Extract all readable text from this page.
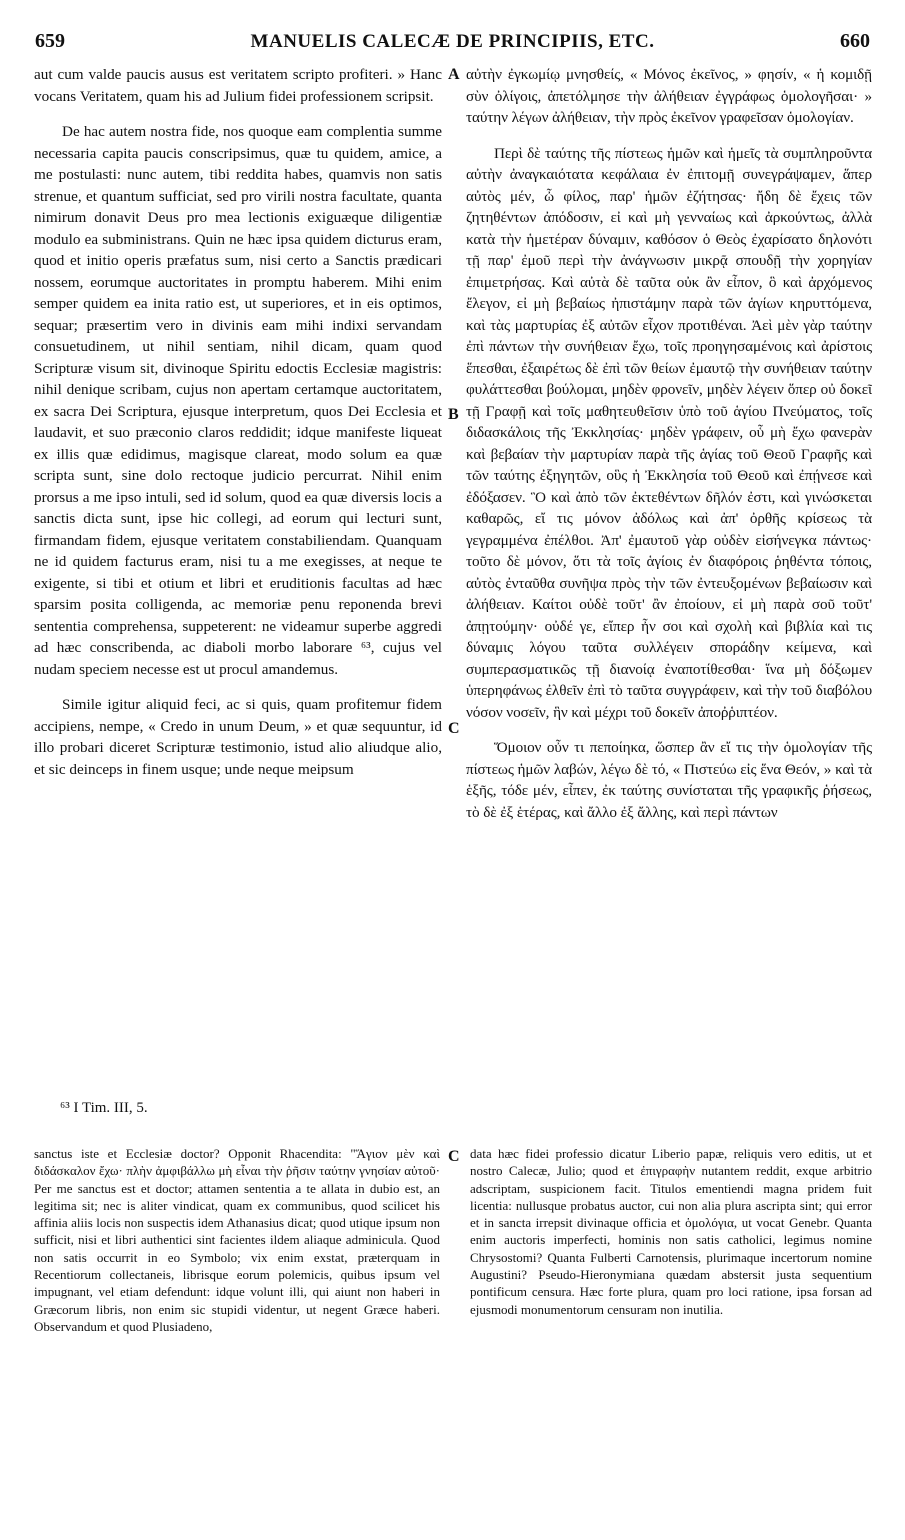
659	MANUELIS CALECÆ DE PRINCIPIIS, ETC.	660

aut cum valde paucis ausus est veritatem scripto profiteri. » Hanc vocans Veritatem, quam his ad Julium fidei professionem scripsit.

De hac autem nostra fide, nos quoque eam complentia summe necessaria capita paucis conscripsimus, quæ tu quidem, amice, a me postulasti: nunc autem, tibi reddita habes, quamvis non satis strenue, et quantum sufficiat, sed pro virili nostra facultate, quanta nimirum donavit Deus pro mea lectionis exiguæque diligentiæ modulo ea subministrans. Quin ne hæc ipsa quidem dicturus eram, quod et initio operis præfatus sum, nisi certo a Sanctis prædicari nossem, eorumque auctoritates in promptu haberem. Mihi enim semper quidem ea inita ratio est, ut superiores, et in eis optimos, sequar; præsertim vero in divinis eam mihi indixi servandam consuetudinem, ut nihil sentiam, nihil dicam, quam quod Scripturæ visum sit, divinoque Spiritu edoctis Ecclesiæ magistris: nihil denique scribam, cujus non apertam certamque auctoritatem, ex sacra Dei Scriptura, ejusque interpretum, quos Dei Ecclesia et laudavit, et suo præconio claros reddidit; idque manifeste liqueat ex illis quæ edidimus, magisque clareat, modo solum ea quæ scripta sunt, sine dolo rectoque judicio percurrat. Nihil enim prorsus a me ipso intuli, sed id solum, quod ea quæ diversis locis a sanctis dicta sunt, ipse hic collegi, ad eorum qui lecturi sunt, firmandam fidem, ejusque veritatem constabiliendam. Quanquam ne id quidem facturus eram, nisi tu a me exegisses, at neque te exigente, si tibi et otium et libri et eruditionis facultas ad hæc sparsim posita colligenda, ac memoriæ penu reponenda brevi sententia comprehensa, suppeterent: ne videamur superbe aggredi ad hæc conscribenda, ac diaboli morbo laborare ⁶³, cujus vel nudam speciem necesse est ut procul amandemus.

Simile igitur aliquid feci, ac si quis, quam profitemur fidem accipiens, nempe, « Credo in unum Deum, » et quæ sequuntur, id illo probari diceret Scripturæ testimonio, istud alio aliudque alio, et sic deinceps in finem usque; unde neque meipsum

A
B
C

αὐτὴν ἐγκωμίῳ μνησθείς, « Μόνος ἐκεῖνος, » φησίν, « ἡ κομιδῇ σὺν ὀλίγοις, ἀπετόλμησε τὴν ἀλήθειαν ἐγγράφως ὁμολογῆσαι· » ταύτην λέγων ἀλήθειαν, τὴν πρὸς ἐκεῖνον γραφεῖσαν ὁμολογίαν.

Περὶ δὲ ταύτης τῆς πίστεως ἡμῶν καὶ ἡμεῖς τὰ συμπληροῦντα αὐτὴν ἀναγκαιότατα κεφάλαια ἐν ἐπιτομῇ συνεγράψαμεν, ἅπερ αὐτὸς μέν, ὦ φίλος, παρ' ἡμῶν ἐζήτησας· ἤδη δὲ ἔχεις τῶν ζητηθέντων ἀπόδοσιν, εἰ καὶ μὴ γενναίως καὶ ἀρκούντως, ἀλλὰ κατὰ τὴν ἡμετέραν δύναμιν, καθόσον ὁ Θεὸς ἐχαρίσατο δηλονότι τῇ παρ' ἐμοῦ περὶ τὴν ἀνάγνωσιν μικρᾷ σπουδῇ τὴν χορηγίαν ἐπιμετρήσας. Καὶ αὐτὰ δὲ ταῦτα οὐκ ἂν εἶπον, ὃ καὶ ἀρχόμενος ἔλεγον, εἰ μὴ βεβαίως ἠπιστάμην παρὰ τῶν ἁγίων κηρυττόμενα, καὶ τὰς μαρτυρίας ἐξ αὐτῶν εἶχον προτιθέναι. Ἀεὶ μὲν γὰρ ταύτην ἐπὶ πάντων τὴν συνήθειαν ἔχω, τοῖς προηγησαμένοις καὶ ἀρίστοις ἕπεσθαι, ἐξαιρέτως δὲ ἐπὶ τῶν θείων ἐμαυτῷ τὴν συνήθειαν ταύτην φυλάττεσθαι βούλομαι, μηδὲν φρονεῖν, μηδὲν λέγειν ὅπερ οὐ δοκεῖ τῇ Γραφῇ καὶ τοῖς μαθητευθεῖσιν ὑπὸ τοῦ ἁγίου Πνεύματος, τοῖς διδασκάλοις τῆς Ἐκκλησίας· μηδὲν γράφειν, οὗ μὴ ἔχω φανερὰν καὶ βεβαίαν τὴν μαρτυρίαν παρὰ τῆς ἁγίας τοῦ Θεοῦ Γραφῆς καὶ τῶν ταύτης ἐξηγητῶν, οὓς ἡ Ἐκκλησία τοῦ Θεοῦ καὶ ἐπῄνεσε καὶ ἐδόξασεν. Ὃ καὶ ἀπὸ τῶν ἐκτεθέντων δῆλόν ἐστι, καὶ γινώσκεται καθαρῶς, εἴ τις μόνον ἀδόλως καὶ ἀπ' ὀρθῆς κρίσεως τὰ γεγραμμένα ἐπέλθοι. Ἀπ' ἐμαυτοῦ γὰρ οὐδὲν εἰσήνεγκα πάντως· τοῦτο δὲ μόνον, ὅτι τὰ τοῖς ἁγίοις ἐν διαφόροις ῥηθέντα τόποις, αὐτὸς ἐνταῦθα συνῆψα πρὸς τὴν τῶν ἐντευξομένων βεβαίωσιν καὶ ἀλήθειαν. Καίτοι οὐδὲ τοῦτ' ἂν ἐποίουν, εἰ μὴ παρὰ σοῦ τοῦτ' ἀπῃτούμην· οὐδέ γε, εἴπερ ἦν σοι καὶ σχολὴ καὶ βιβλία καὶ τις δύναμις λόγου ταῦτα συλλέγειν σποράδην κείμενα, καὶ συμπερασματικῶς τῇ διανοίᾳ ἐναποτίθεσθαι· ἵνα μὴ δόξωμεν ὑπερηφάνως ἐλθεῖν ἐπὶ τὸ ταῦτα συγγράφειν, καὶ τὴν τοῦ διαβόλου νόσον νοσεῖν, ἣν καὶ μέχρι τοῦ δοκεῖν ἀποῤῥιπτέον.

Ὅμοιον οὖν τι πεποίηκα, ὥσπερ ἂν εἴ τις τὴν ὁμολογίαν τῆς πίστεως ἡμῶν λαβών, λέγω δὲ τό, « Πιστεύω εἰς ἕνα Θεόν, » καὶ τὰ ἑξῆς, τόδε μέν, εἶπεν, ἐκ ταύτης συνίσταται τῆς γραφικῆς ῥήσεως, τὸ δὲ ἐξ ἑτέρας, καὶ ἄλλο ἐξ ἄλλης, καὶ περὶ πάντων

⁶³ I Tim. III, 5.

sanctus iste et Ecclesiæ doctor? Opponit Rhacendita: "Ἅγιον μὲν καὶ διδάσκαλον ἔχω· πλὴν ἀμφιβάλλω μὴ εἶναι τὴν ῥῆσιν ταύτην γνησίαν αὐτοῦ· Per me sanctus est et doctor; attamen sententia a te allata in dubio est, an legitima sit; nec is aliter vindicat, quam ex communibus, quod scilicet his affinia aliis locis non suspectis idem Athanasius dicat; quod utique ipsum non sufficit, nisi et libri authentici sint facientes ildem aliaque adminicula. Quod non satis occurrit in eo Symbolo; vix enim exstat, præterquam in Recentiorum collectaneis, librisque eorum polemicis, quibus ipsum vel impugnant, vel etiam defendunt: idque volunt illi, qui aiunt non haberi in Græcorum libris, non enim sic stupidi videntur, ut negent Græce haberi. Observandum et quod Plusiadeno,

C data hæc fidei professio dicatur Liberio papæ, reliquis vero editis, ut et nostro Calecæ, Julio; quod et ἐπιγραφὴν nutantem reddit, exque arbitrio adscriptam, suspicionem facit. Titulos ementiendi magna pridem fuit licentia: nullusque probatus auctor, cui non alia plura ascripta sint; qui error et in sancta irrepsit divinaque officia et ὁμολόγια, ut vocat Genebr. Quanta enim auctoris imperfecti, hominis non satis catholici, legimus nomine Chrysostomi? Quanta Fulberti Carnotensis, plurimaque incertorum nomine Augustini? Pseudo-Hieronymiana quædam abstersit justa sequentium pontificum censura. Hæc forte plura, quam pro loci ratione, ipsa forsan ad ejusmodi monumentorum censuram non inutilia.
